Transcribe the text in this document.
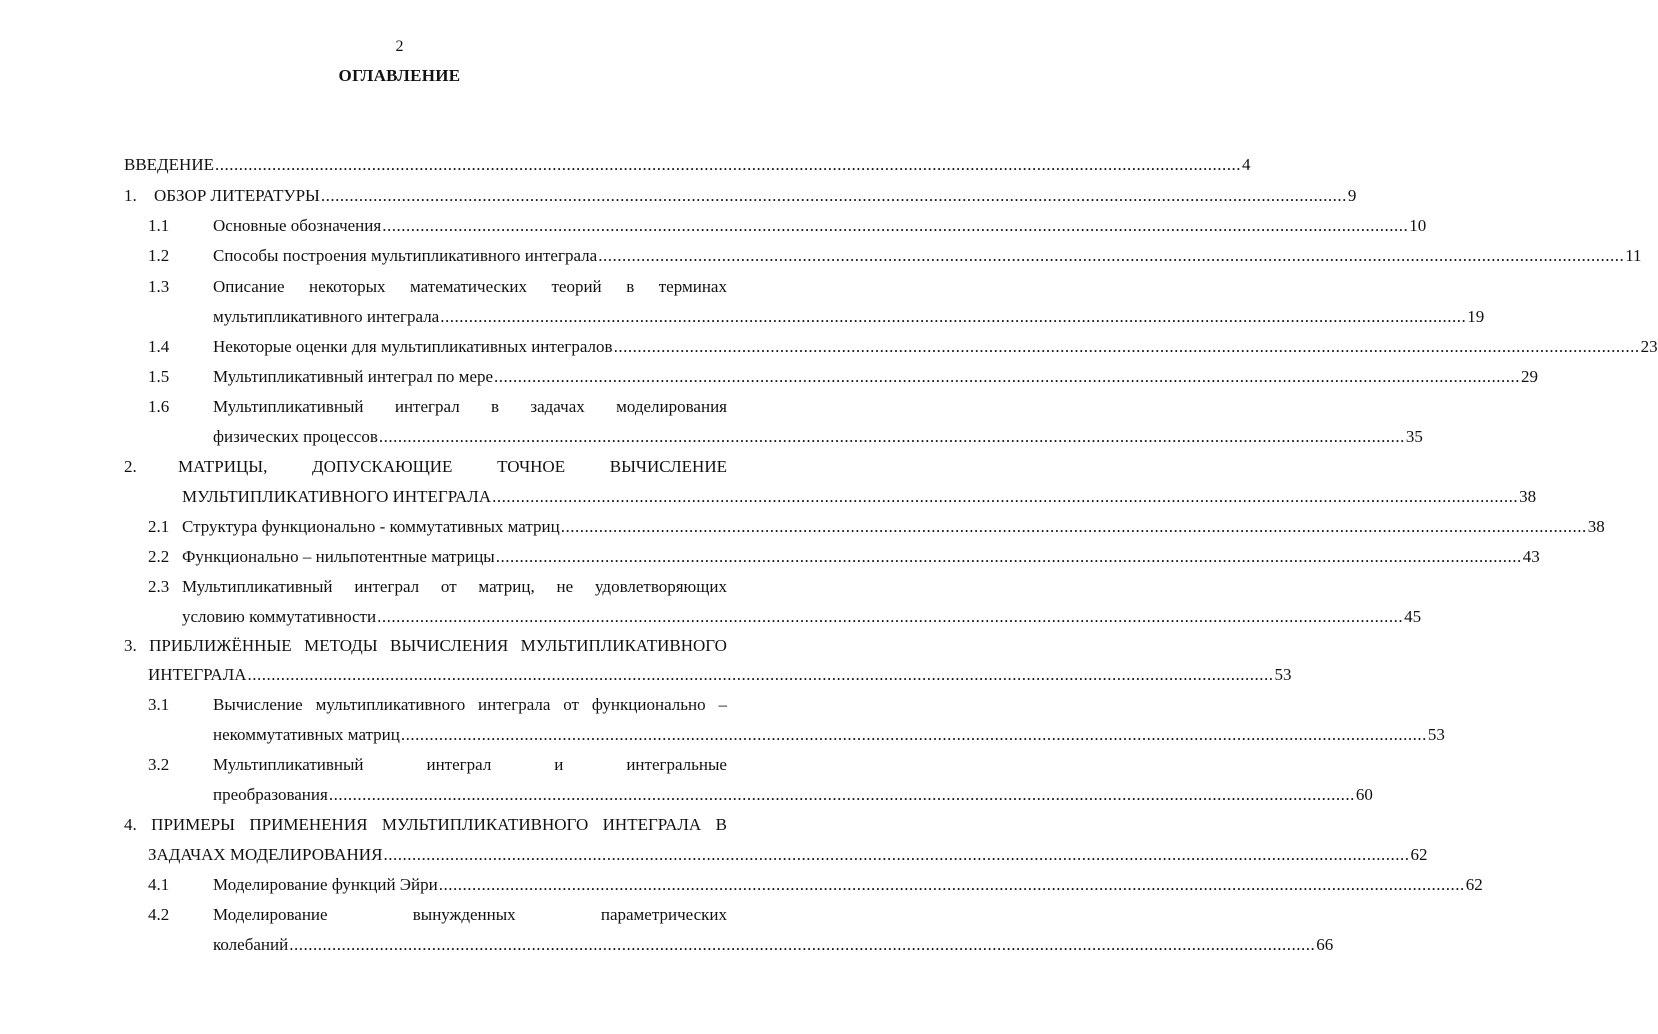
2
ОГЛАВЛЕНИЕ
ВВЕДЕНИЕ .....	4
1. ОБЗОР ЛИТЕРАТУРЫ .....	9
1.1	Основные обозначения .....	10
1.2	Способы построения мультипликативного интеграла .....	11
1.3	Описание некоторых математических теорий в терминах
мультипликативного интеграла .....	19
1.4	Некоторые оценки для мультипликативных интегралов .....	23
1.5	Мультипликативный интеграл по мере .....	29
1.6	Мультипликативный интеграл в задачах моделирования
физических процессов .....	35
2. МАТРИЦЫ,	ДОПУСКАЮЩИЕ	ТОЧНОЕ	ВЫЧИСЛЕНИЕ
МУЛЬТИПЛИКАТИВНОГО ИНТЕГРАЛА .....	38
2.1 Структура функционально - коммутативных матриц .....	38
2.2 Функционально – нильпотентные матрицы .....	43
2.3 Мультипликативный интеграл от матриц, не удовлетворяющих
условию коммутативности .....	45
3. ПРИБЛИЖЁННЫЕ МЕТОДЫ ВЫЧИСЛЕНИЯ МУЛЬТИПЛИКАТИВНОГО
ИНТЕГРАЛА .....	53
3.1	Вычисление мультипликативного интеграла от функционально –
некоммутативных матриц .....	53
3.2	Мультипликативный	интеграл	и	интегральные
преобразования .....	60
4. ПРИМЕРЫ ПРИМЕНЕНИЯ МУЛЬТИПЛИКАТИВНОГО ИНТЕГРАЛА В
ЗАДАЧАХ МОДЕЛИРОВАНИЯ .....	62
4.1	Моделирование функций Эйри .....	62
4.2	Моделирование	вынужденных	параметрических
колебаний .....	66
